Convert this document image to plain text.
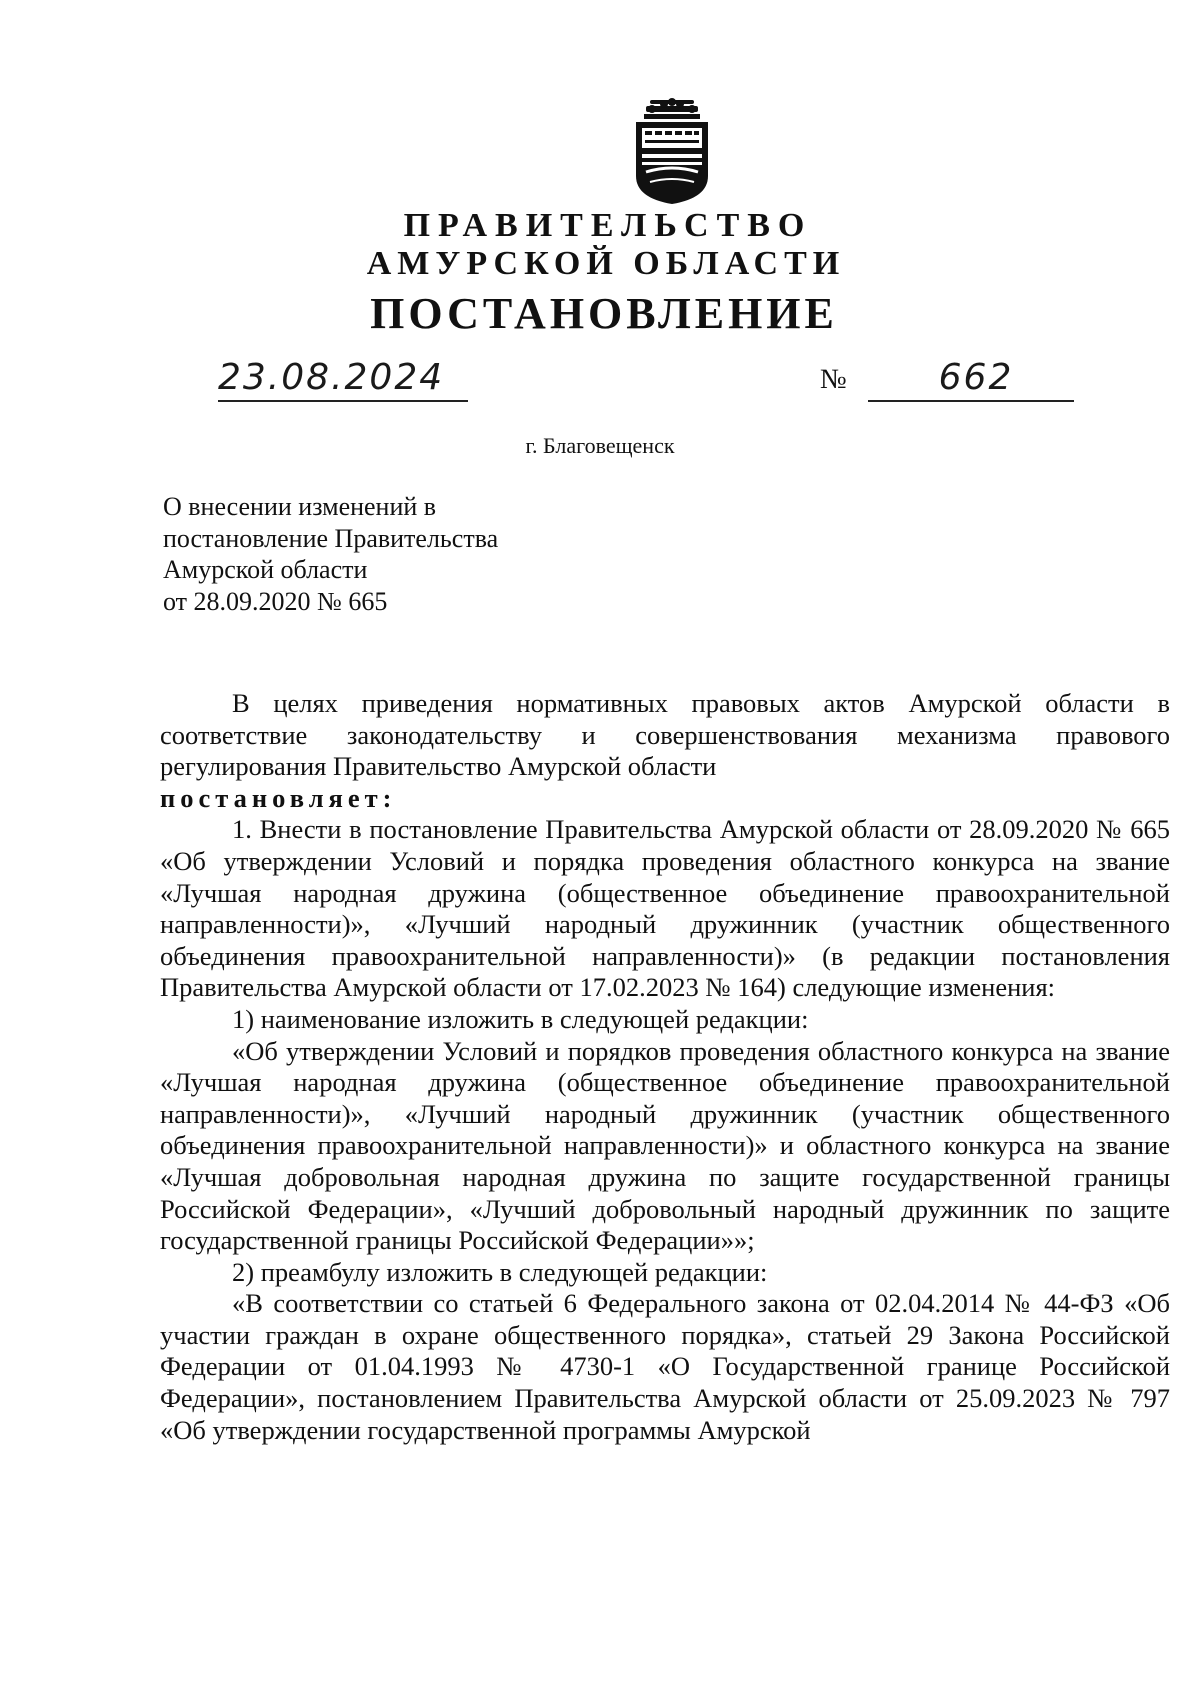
ПРАВИТЕЛЬСТВО
АМУРСКОЙ ОБЛАСТИ
ПОСТАНОВЛЕНИЕ
23.08.2024	№	662
г. Благовещенск
О внесении изменений в
постановление Правительства
Амурской области
от 28.09.2020 № 665

В целях приведения нормативных правовых актов Амурской области в соответствие законодательству и совершенствования механизма правового регулирования Правительство Амурской области

постановляет:

1. Внести в постановление Правительства Амурской области от 28.09.2020 № 665 «Об утверждении Условий и порядка проведения областного конкурса на звание «Лучшая народная дружина (общественное объединение правоохранительной направленности)», «Лучший народный дружинник (участник общественного объединения правоохранительной направленности)» (в редакции постановления Правительства Амурской области от 17.02.2023 № 164) следующие изменения:

1) наименование изложить в следующей редакции:

«Об утверждении Условий и порядков проведения областного конкурса на звание «Лучшая народная дружина (общественное объединение правоохранительной направленности)», «Лучший народный дружинник (участник общественного объединения правоохранительной направленности)» и областного конкурса на звание «Лучшая добровольная народная дружина по защите государственной границы Российской Федерации», «Лучший добровольный народный дружинник по защите государственной границы Российской Федерации»»;

2) преамбулу изложить в следующей редакции:

«В соответствии со статьей 6 Федерального закона от 02.04.2014 № 44-ФЗ «Об участии граждан в охране общественного порядка», статьей 29 Закона Российской Федерации от 01.04.1993 № 4730-1 «О Государственной границе Российской Федерации», постановлением Правительства Амурской области от 25.09.2023 № 797 «Об утверждении государственной программы Амурской
